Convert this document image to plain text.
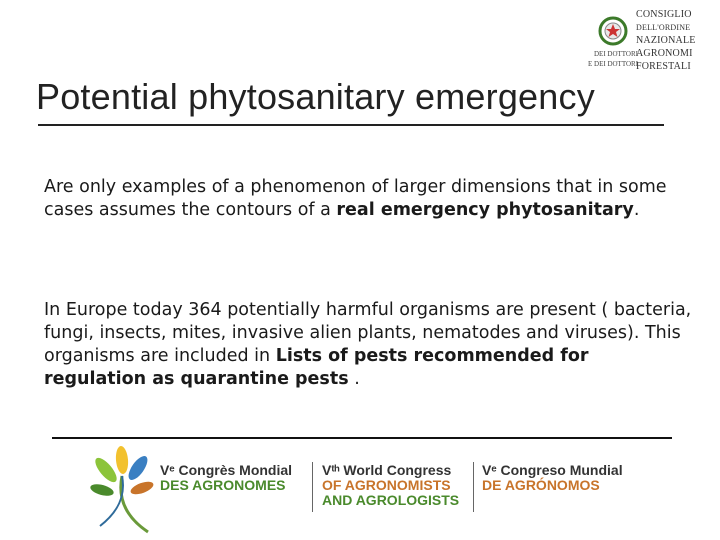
CONSIGLIO
DELL'ORDINE
NAZIONALE
AGRONOMI
FORESTALI
DEI DOTTORI
E DEI DOTTORI
Potential phytosanitary emergency
Are only examples of a phenomenon of larger dimensions that in some cases assumes the contours of a real emergency phytosanitary.
In Europe today 364 potentially harmful organisms are present ( bacteria, fungi, insects, mites, invasive alien plants, nematodes and viruses). This organisms are included in Lists of pests recommended for regulation as quarantine pests .
Vᵉ Congrès Mondial
DES AGRONOMES
Vᵗʰ World Congress
OF AGRONOMISTS
AND AGROLOGISTS
Vᵉ Congreso Mundial
DE AGRÓNOMOS
